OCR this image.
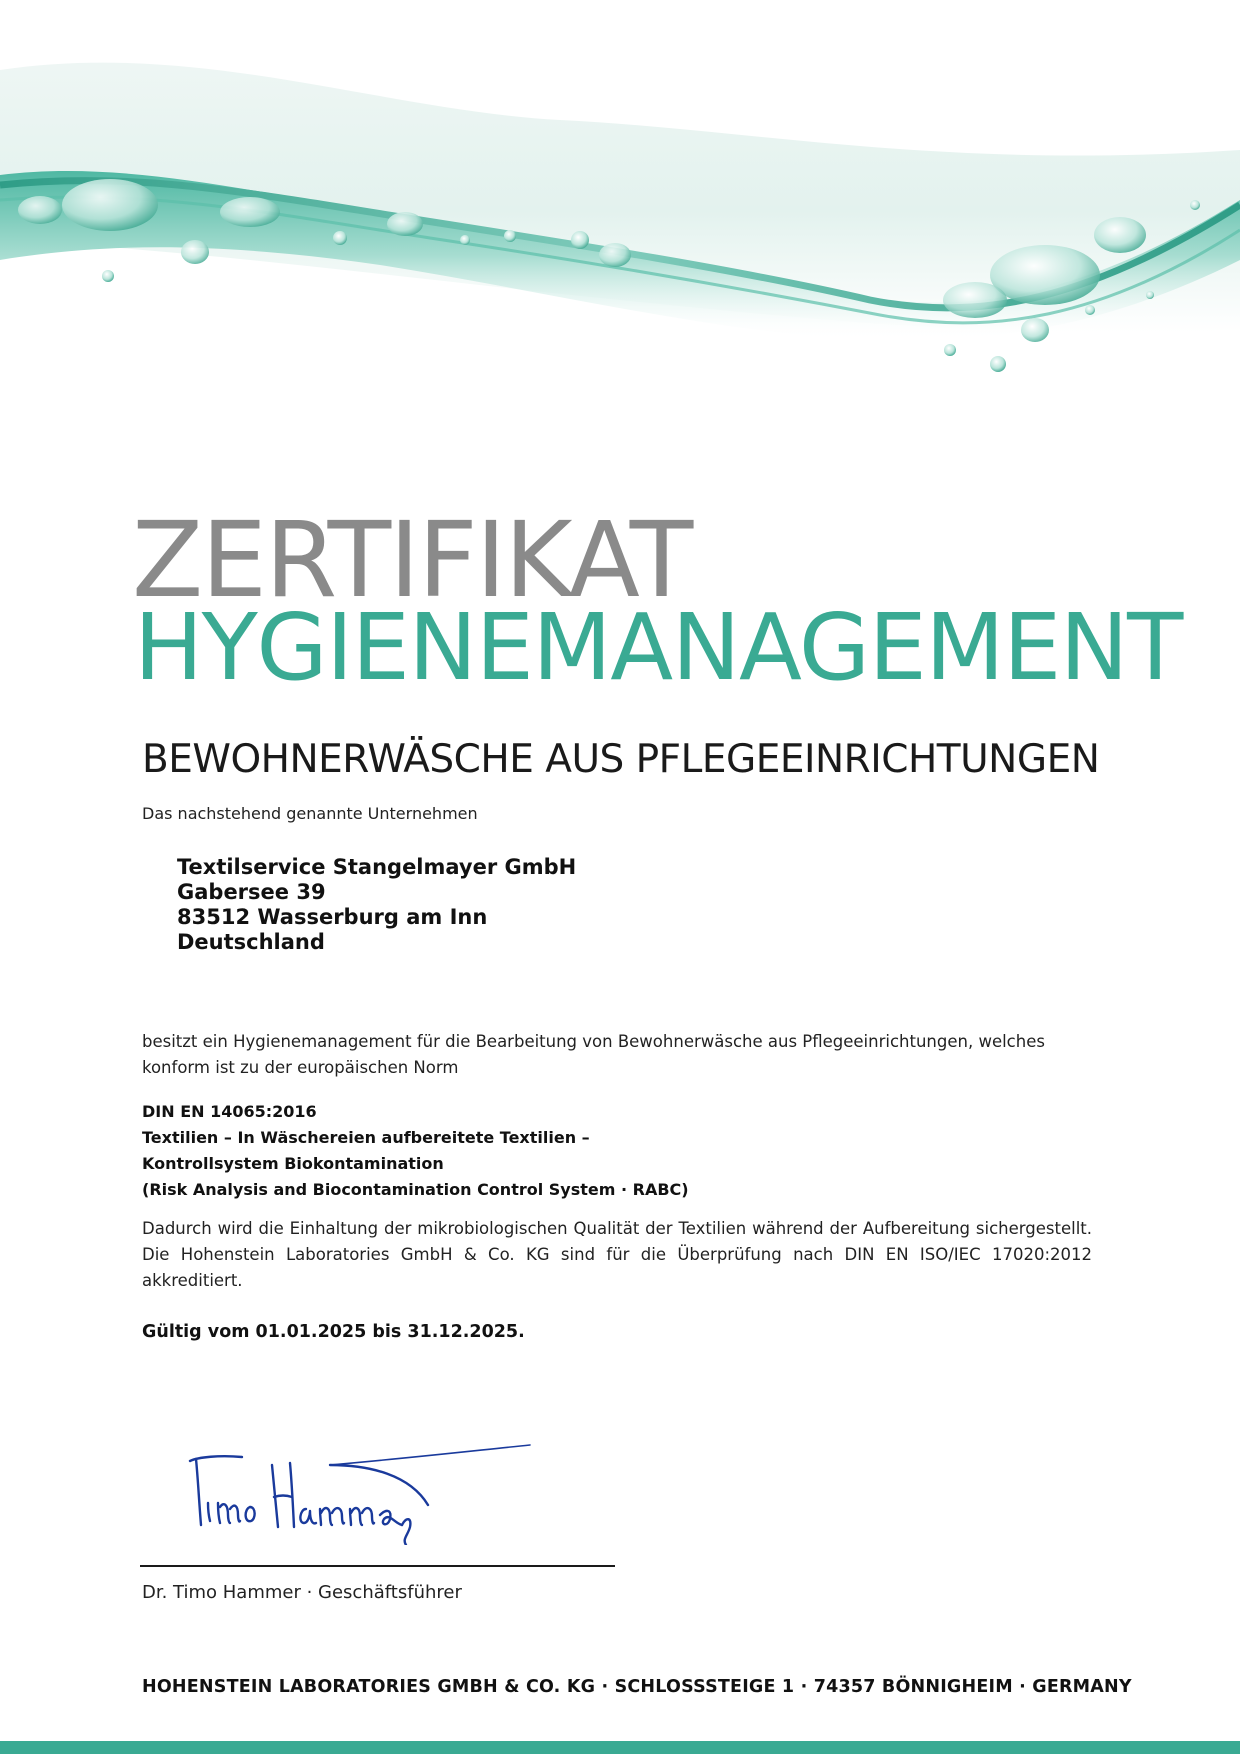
ZERTIFIKAT
HYGIENEMANAGEMENT
BEWOHNERWÄSCHE AUS PFLEGEEINRICHTUNGEN
Das nachstehend genannte Unternehmen
Textilservice Stangelmayer GmbH
Gabersee 39
83512 Wasserburg am Inn
Deutschland
besitzt ein Hygienemanagement für die Bearbeitung von Bewohnerwäsche aus Pflegeeinrichtungen, welches konform ist zu der europäischen Norm
DIN EN 14065:2016
Textilien – In Wäschereien aufbereitete Textilien –
Kontrollsystem Biokontamination
(Risk Analysis and Biocontamination Control System · RABC)
Dadurch wird die Einhaltung der mikrobiologischen Qualität der Textilien während der Aufbereitung sichergestellt. Die Hohenstein Laboratories GmbH & Co. KG sind für die Überprüfung nach DIN EN ISO/IEC 17020:2012 akkreditiert.
Gültig vom 01.01.2025 bis 31.12.2025.
Dr. Timo Hammer · Geschäftsführer
HOHENSTEIN LABORATORIES GMBH & CO. KG · SCHLOSSSTEIGE 1 · 74357 BÖNNIGHEIM · GERMANY
